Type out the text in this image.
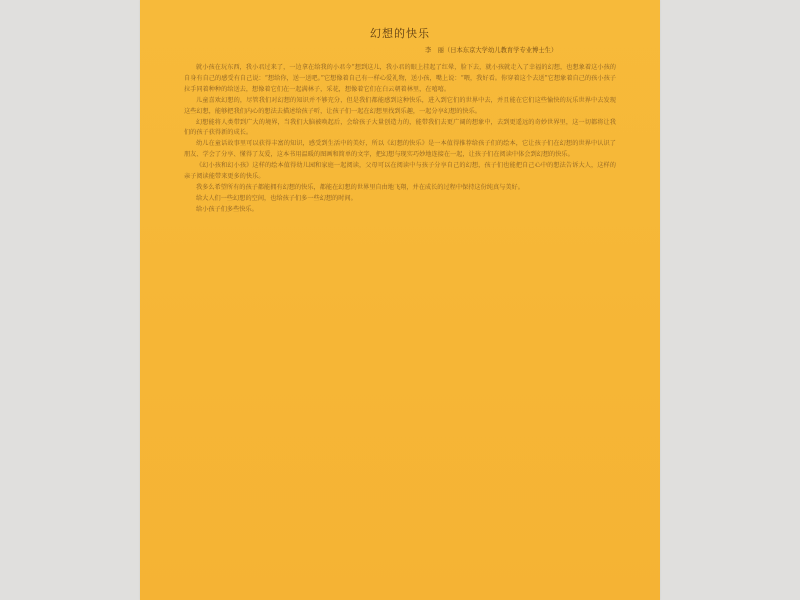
幻想的快乐
李　丽（日本东京大学幼儿教育学专业博士生）

就小孩在玩东西，我小君过来了，一边拿在给我的小君今“想到这儿，我小君的眼上挂起了红晕，脸下去，就小孩就走入了幸福的幻想，也想象着这小孩的自身有自己的感受有自己说：“想给你，送一送吧。”它想像着自己有一样心爱礼物，送小孩，嘴上说：“喂，我好看。你穿着这个去送”它想象着自己的孩小孩子拉手同着种种的给送去，想像着它们在一起满林子，采花，想像着它们在白云朝着林里，在嘻嘻。

儿童喜欢幻想的，尽管我们对幻想的知识并不够充分，但是我们都能感到这种快乐，进入到它们的世界中去，并且能在它们这些愉快的玩乐世界中去发现这些幻想，能够把我们内心的想法去描述给孩子听，让孩子们一起在幻想里找到乐趣，一起分享幻想的快乐。

幻想能将人类带到广大的境界，当我们大脑被唤起后，会给孩子大量创造力的，能带我们去更广阔的想象中，去到更遥远的奇妙世界里，这一切都将让我们的孩子获得新的成长。

幼儿在童话故事里可以获得丰富的知识，感受到生活中的美好，所以《幻想的快乐》是一本值得推荐给孩子们的绘本，它让孩子们在幻想的世界中认识了朋友、学会了分享、懂得了友爱，这本书用温暖的图画和简单的文字，把幻想与现实巧妙地连接在一起，让孩子们在阅读中体会到幻想的快乐。

《幻小孩和幻小孩》这样的绘本值得幼儿园和家庭一起阅读，父母可以在阅读中与孩子分享自己的幻想，孩子们也能把自己心中的想法告诉大人，这样的亲子阅读能带来更多的快乐。

我多么希望所有的孩子都能拥有幻想的快乐，都能在幻想的世界里自由地飞翔，并在成长的过程中保持这份纯真与美好。

给大人们一些幻想的空间，也给孩子们多一些幻想的时间。

给小孩子们多些快乐。
